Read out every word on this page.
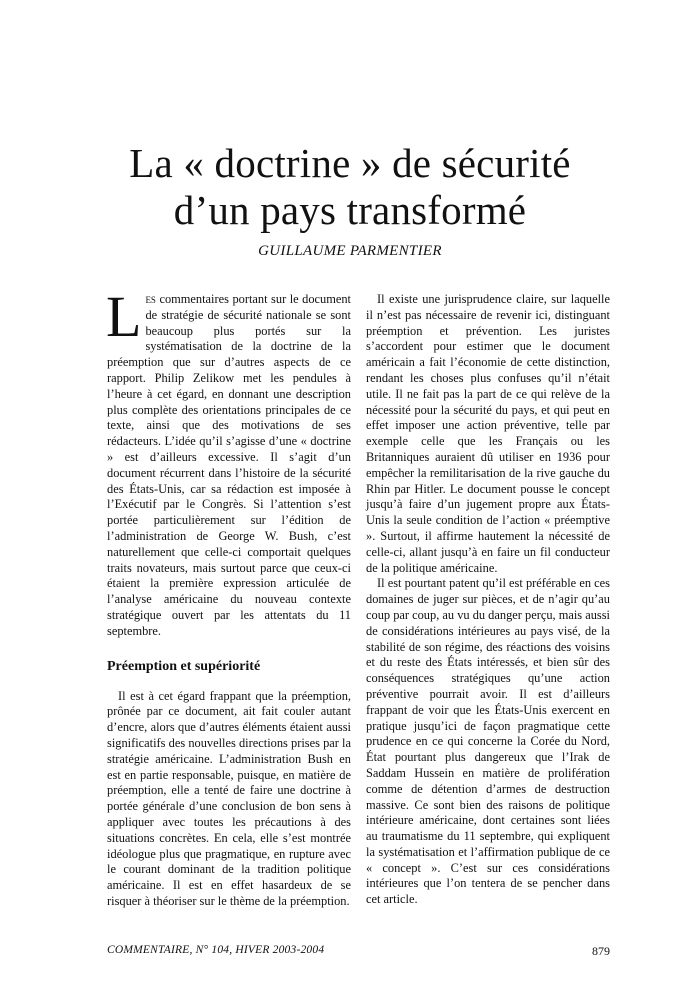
La « doctrine » de sécurité
d’un pays transformé
GUILLAUME PARMENTIER

Les commentaires portant sur le document de stratégie de sécurité nationale se sont beaucoup plus portés sur la systématisation de la doctrine de la préemption que sur d’autres aspects de ce rapport. Philip Zelikow met les pendules à l’heure à cet égard, en donnant une description plus complète des orientations principales de ce texte, ainsi que des motivations de ses rédacteurs. L’idée qu’il s’agisse d’une « doctrine » est d’ailleurs excessive. Il s’agit d’un document récurrent dans l’histoire de la sécurité des États-Unis, car sa rédaction est imposée à l’Exécutif par le Congrès. Si l’attention s’est portée particulièrement sur l’édition de l’administration de George W. Bush, c’est naturellement que celle-ci comportait quelques traits novateurs, mais surtout parce que ceux-ci étaient la première expression articulée de l’analyse américaine du nouveau contexte stratégique ouvert par les attentats du 11 septembre.

Préemption et supériorité

Il est à cet égard frappant que la préemption, prônée par ce document, ait fait couler autant d’encre, alors que d’autres éléments étaient aussi significatifs des nouvelles directions prises par la stratégie américaine. L’administration Bush en est en partie responsable, puisque, en matière de préemption, elle a tenté de faire une doctrine à portée générale d’une conclusion de bon sens à appliquer avec toutes les précautions à des situations concrètes. En cela, elle s’est montrée idéologue plus que pragmatique, en rupture avec le courant dominant de la tradition politique américaine. Il est en effet hasardeux de se risquer à théoriser sur le thème de la préemption.

Il existe une jurisprudence claire, sur laquelle il n’est pas nécessaire de revenir ici, distinguant préemption et prévention. Les juristes s’accordent pour estimer que le document américain a fait l’économie de cette distinction, rendant les choses plus confuses qu’il n’était utile. Il ne fait pas la part de ce qui relève de la nécessité pour la sécurité du pays, et qui peut en effet imposer une action préventive, telle par exemple celle que les Français ou les Britanniques auraient dû utiliser en 1936 pour empêcher la remilitarisation de la rive gauche du Rhin par Hitler. Le document pousse le concept jusqu’à faire d’un jugement propre aux États-Unis la seule condition de l’action « préemptive ». Surtout, il affirme hautement la nécessité de celle-ci, allant jusqu’à en faire un fil conducteur de la politique américaine.

Il est pourtant patent qu’il est préférable en ces domaines de juger sur pièces, et de n’agir qu’au coup par coup, au vu du danger perçu, mais aussi de considérations intérieures au pays visé, de la stabilité de son régime, des réactions des voisins et du reste des États intéressés, et bien sûr des conséquences stratégiques qu’une action préventive pourrait avoir. Il est d’ailleurs frappant de voir que les États-Unis exercent en pratique jusqu’ici de façon pragmatique cette prudence en ce qui concerne la Corée du Nord, État pourtant plus dangereux que l’Irak de Saddam Hussein en matière de prolifération comme de détention d’armes de destruction massive. Ce sont bien des raisons de politique intérieure américaine, dont certaines sont liées au traumatisme du 11 septembre, qui expliquent la systématisation et l’affirmation publique de ce « concept ». C’est sur ces considérations intérieures que l’on tentera de se pencher dans cet article.

COMMENTAIRE, N° 104, HIVER 2003-2004	879
